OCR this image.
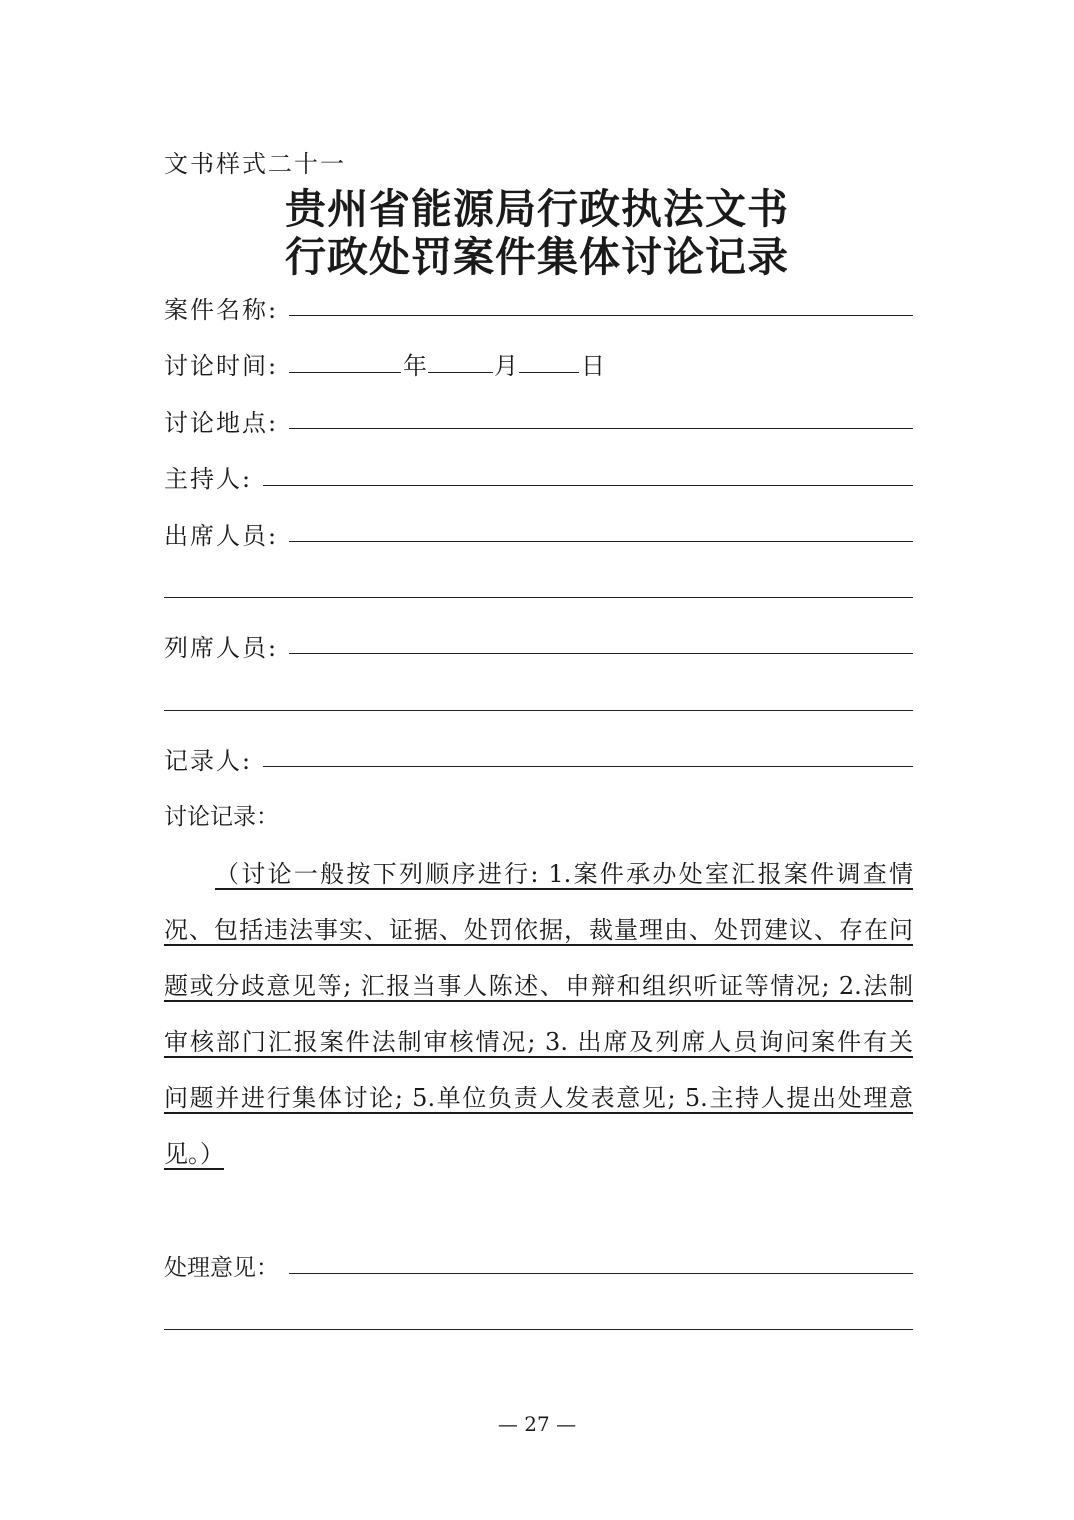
文书样式二十一
贵州省能源局行政执法文书
行政处罚案件集体讨论记录
案件名称:
讨论时间:	年	月	日
讨论地点:
主持人:
出席人员:
列席人员:
记录人:
讨论记录：
（讨论一般按下列顺序进行: 1.案件承办处室汇报案件调查情
况、包括违法事实、证据、处罚依据，裁量理由、处罚建议、存在问
题或分歧意见等; 汇报当事人陈述、申辩和组织听证等情况; 2.法制
审核部门汇报案件法制审核情况; 3. 出席及列席人员询问案件有关
问题并进行集体讨论; 5.单位负责人发表意见; 5.主持人提出处理意
见。）
处理意见：
— 27 —
